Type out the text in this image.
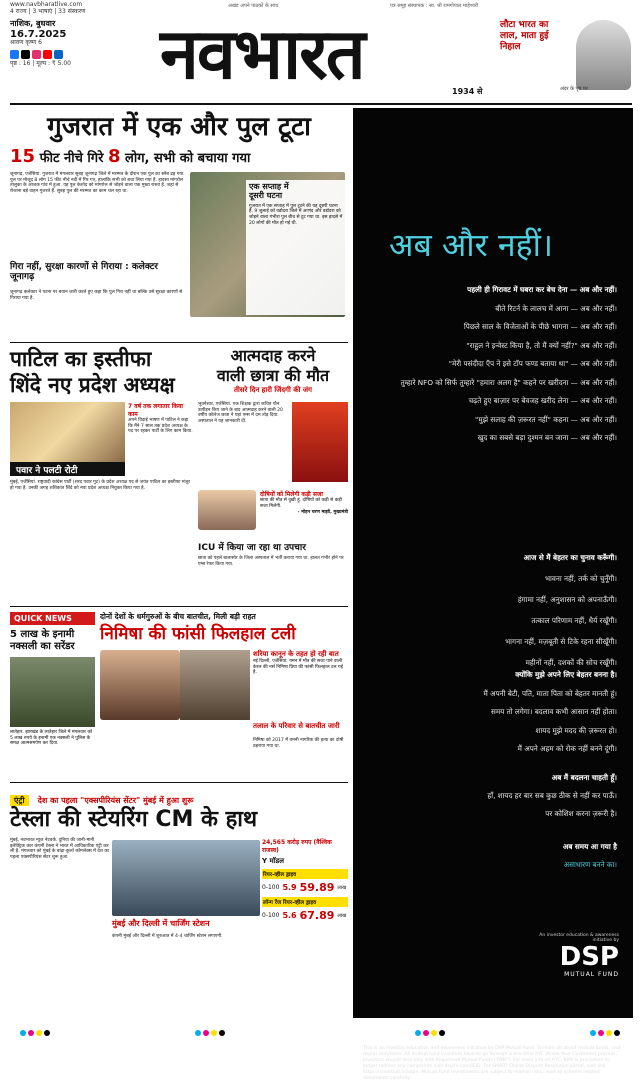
www.navbharatlive.com
4 राज्य | 3 भाषाएं | 33 संस्करण
नाशिक, बुधवार
16.7.2025
श्रावण कृष्ण 6
पृष्ठ : 16 | मूल्य : ₹ 5.00
अखंड अपने पाठकों के साथ	पत्र समूह संस्थापक : स्व. श्री रामगोपाल माहेश्वरी
नवभारत	1934 से
लौटा भारत का लाल, माता हुई निहाल
अंदर के पृष्ठ पर
गुजरात में एक और पुल टूटा
15 फीट नीचे गिरे 8 लोग, सभी को बचाया गया

जूनागढ़, एजेंसियां. गुजरात में मंगलवार सुबह जूनागढ़ जिले में मरम्मत के दौरान एक पुल का स्लैब ढह गया. पुल पर मौजूद 8 लोग 15 फीट नीचे नदी में गिर गए, हालांकि सभी को बचा लिया गया है. हादसा मांगरोल तालुका के आजक गांव में हुआ. यह पुल केशोद को मांगरोल से जोड़ने वाला एक मुख्य रास्ता है. जहां से रोजाना बड़े वाहन गुजरते हैं. सुबह पुल की मरम्मत का काम चल रहा था.

एक सप्ताह में दूसरी घटना

गुजरात में एक सप्ताह में पुल टूटने की यह दूसरी घटना है. 9 जुलाई को वडोदरा जिले में आणंद और वडोदरा को जोड़ने वाला गंभीरा पुल बीच से टूट गया था. इस हादसे में 20 लोगों की मौत हो गई थी.

गिरा नहीं, सुरक्षा कारणों से गिराया : कलेक्टर जूनागढ़

जूनागढ़ कलेक्टर ने पटना पर बयान जारी करते हुए कहा कि पुल गिरा नहीं था बल्कि उसे सुरक्षा कारणों से गिराया गया है.

पाटिल का इस्तीफा
शिंदे नए प्रदेश अध्यक्ष
7 वर्ष तक लगातार किया काम

अपने विदाई भाषण में पाटिल ने कहा कि मैंने 7 साल तक प्रदेश अध्यक्ष के पद पर रहकर पार्टी के लिए काम किया.

पवार ने पलटी रोटी

मुंबई, एजेंसियां. राष्ट्रवादी कांग्रेस पार्टी (शरद पवार गुट) के प्रदेश अध्यक्ष पद से जयंत पाटिल का इस्तीफा मंजूर हो गया है. उनकी जगह शशिकांत शिंदे को नया प्रदेश अध्यक्ष नियुक्त किया गया है.

आत्मदाह करने
वाली छात्रा की मौत
तीसरे दिन हारी जिंदगी की जंग

भुवनेश्वर, एजेंसियां. एक शिक्षक द्वारा कथित यौन उत्पीड़न किए जाने के बाद आत्मदाह करने वाली 20 वर्षीय कॉलेज छात्रा ने यहां एम्स में दम तोड़ दिया. अस्पताल ने यह जानकारी दी.

दोषियों को मिलेगी कड़ी सजा

छात्रा की मौत से दुखी हूं. दोषियों को कड़ी से कड़ी सजा मिलेगी.

- मोहन चरण माझी, मुख्यमंत्री

ICU में किया जा रहा था उपचार

छात्रा को पहले बालासोर के जिला अस्पताल में भर्ती कराया गया था. हालत गंभीर होने पर एम्स रेफर किया गया.

QUICK NEWS
5 लाख के इनामी नक्सली का सरेंडर

लातेहार. झारखंड के लातेहार जिले में मंगलवार को 5 लाख रुपये के इनामी एक नक्सली ने पुलिस के समक्ष आत्मसमर्पण कर दिया.

दोनों देशों के धर्मगुरुओं के बीच बातचीत, मिली बड़ी राहत
निमिषा की फांसी फिलहाल टली
शरिया कानून के तहत हो रही बात

नई दिल्ली, एजेंसियां. यमन में मौत की सजा पाने वाली केरल की नर्स निमिषा प्रिया की फांसी फिलहाल टल गई है.

तलाल के परिवार से बातचीत जारी

निमिषा को 2017 में यमनी नागरिक की हत्या का दोषी ठहराया गया था.

एंट्री देश का पहला "एक्सपीरियंस सेंटर" मुंबई में हुआ शुरू
टेस्ला की स्टेयरिंग CM के हाथ

मुंबई, नवभारत न्यूज नेटवर्क. दुनिया की जानी-मानी इलेक्ट्रिक कार कंपनी टेस्ला ने भारत में आधिकारिक एंट्री कर ली है. मंगलवार को मुंबई के बांद्रा-कुर्ला कॉम्प्लेक्स में देश का पहला एक्सपीरियंस सेंटर शुरू हुआ.

24,565 करोड़ रुपए (वैश्विक राजस्व)
Y मॉडल
रियर-व्हील ड्राइव
0-100 5.9 59.89 लाख
लॉन्ग रेंज रियर-व्हील ड्राइव
0-100 5.6 67.89 लाख
मुंबई और दिल्ली में चार्जिंग स्टेशन

कंपनी मुंबई और दिल्ली में शुरुआत में 4-4 चार्जिंग स्टेशन लगाएगी.

अब और नहीं।
पहली ही गिरावट में घबरा कर बेच देना — अब और नहीं।
बीते रिटर्न के लालच में आना — अब और नहीं।
पिछले साल के विजेताओं के पीछे भागना — अब और नहीं।
"राहुल ने इन्वेस्ट किया है, तो मैं क्यों नहीं?" अब और नहीं।
"मेरी पसंदीदा ऍप ने इसे टॉप फण्ड बताया था" — अब और नहीं।
तुम्हारे NFO को सिर्फ तुम्हारे "हमारा अलग है" कहने पर खरीदना — अब और नहीं।
चढ़ते हुए बाज़ार पर बेवजह खरीद लेना — अब और नहीं।
"मुझे सलाह की ज़रूरत नहीं" कहना — अब और नहीं।
खुद का सबसे बड़ा दुश्मन बन जाना — अब और नहीं।
आज से मैं बेहतर का चुनाव करूँगी।
भावना नहीं, तर्क को चुनूँगी।
हंगामा नहीं, अनुशासन को अपनाऊँगी।
तत्काल परिणाम नहीं, धैर्य रखूँगी।
भागना नहीं, मज़बूती से टिके रहना सीखूँगी।
महीनों नहीं, दशकों की सोच रखूँगी।
क्योंकि मुझे अपने लिए बेहतर बनना है।
मैं अपनी बेटी, पति, माता पिता को बेहतर मानती हूं।
समय तो लगेगा। बदलाव कभी आसान नहीं होता।
शायद मुझे मदद की ज़रूरत हो।
मैं अपने अहम को रोक नहीं बनने दूंगी।
अब मैं बदलना चाहती हूँ।
हाँ, शायद हर बार सब कुछ ठीक से नहीं कर पाऊँ।
पर कोशिश करना ज़रूरी है।
अब समय आ गया है
असाधारण बनने का।
An investor education & awareness initiative by
DSP
MUTUAL FUND
This is an investor education and awareness initiative by DSP Mutual Fund. To learn all about mutual funds, visit dspim.com/learn. All mutual fund investors have to go through a one-time KYC (Know Your Customer) process. Investors should deal only with Registered Mutual Funds ('RMF'). For more info on KYC, RMF & procedure to lodge/ redress any complaints visit dspim.com/IEID. For SMART Online Dispute Resolution portal, visit link https://smartodr.in/login. Mutual Fund investments are subject to market risks, read all scheme related documents carefully.
